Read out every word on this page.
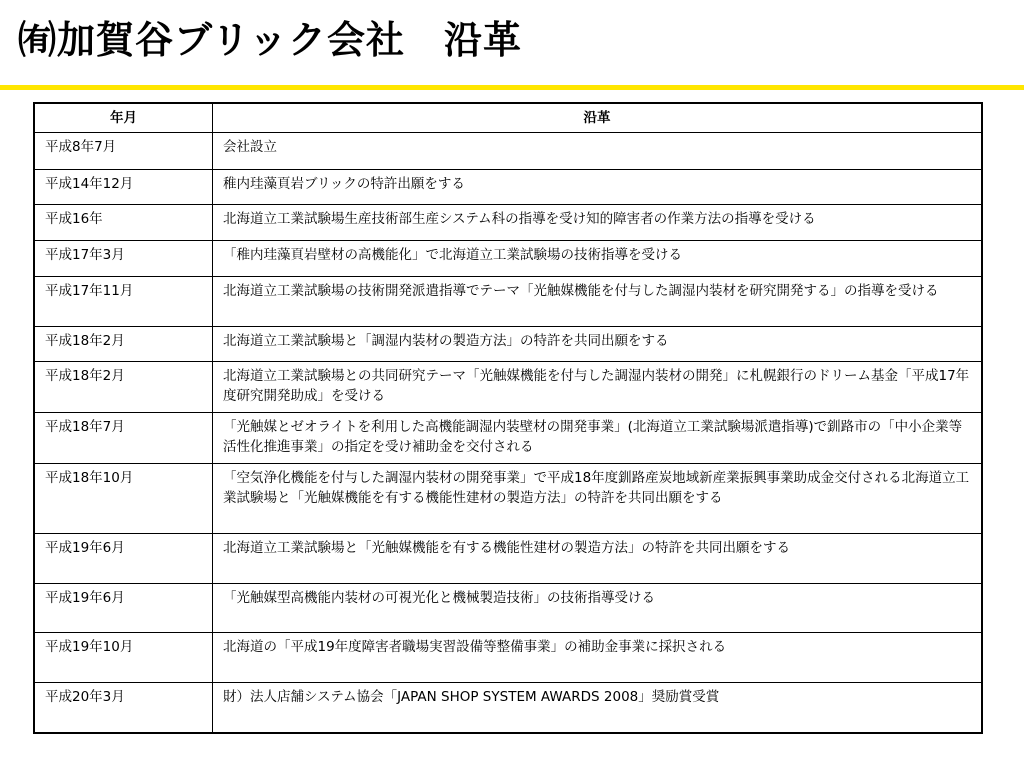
㈲加賀谷ブリック会社　沿革
年月	沿革
平成8年7月	会社設立
平成14年12月	稚内珪藻頁岩ブリックの特許出願をする
平成16年	北海道立工業試験場生産技術部生産システム科の指導を受け知的障害者の作業方法の指導を受ける
平成17年3月	「稚内珪藻頁岩壁材の高機能化」で北海道立工業試験場の技術指導を受ける
平成17年11月	北海道立工業試験場の技術開発派遣指導でテーマ「光触媒機能を付与した調湿内装材を研究開発する」の指導を受ける
平成18年2月	北海道立工業試験場と「調湿内装材の製造方法」の特許を共同出願をする
平成18年2月	北海道立工業試験場との共同研究テーマ「光触媒機能を付与した調湿内装材の開発」に札幌銀行のドリーム基金「平成17年度研究開発助成」を受ける
平成18年7月	「光触媒とゼオライトを利用した高機能調湿内装壁材の開発事業」(北海道立工業試験場派遣指導)で釧路市の「中小企業等活性化推進事業」の指定を受け補助金を交付される
平成18年10月	「空気浄化機能を付与した調湿内装材の開発事業」で平成18年度釧路産炭地域新産業振興事業助成金交付される北海道立工業試験場と「光触媒機能を有する機能性建材の製造方法」の特許を共同出願をする
平成19年6月	北海道立工業試験場と「光触媒機能を有する機能性建材の製造方法」の特許を共同出願をする
平成19年6月	「光触媒型高機能内装材の可視光化と機械製造技術」の技術指導受ける
平成19年10月	北海道の「平成19年度障害者職場実習設備等整備事業」の補助金事業に採択される
平成20年3月	財）法人店舗システム協会「JAPAN SHOP SYSTEM AWARDS 2008」奨励賞受賞
